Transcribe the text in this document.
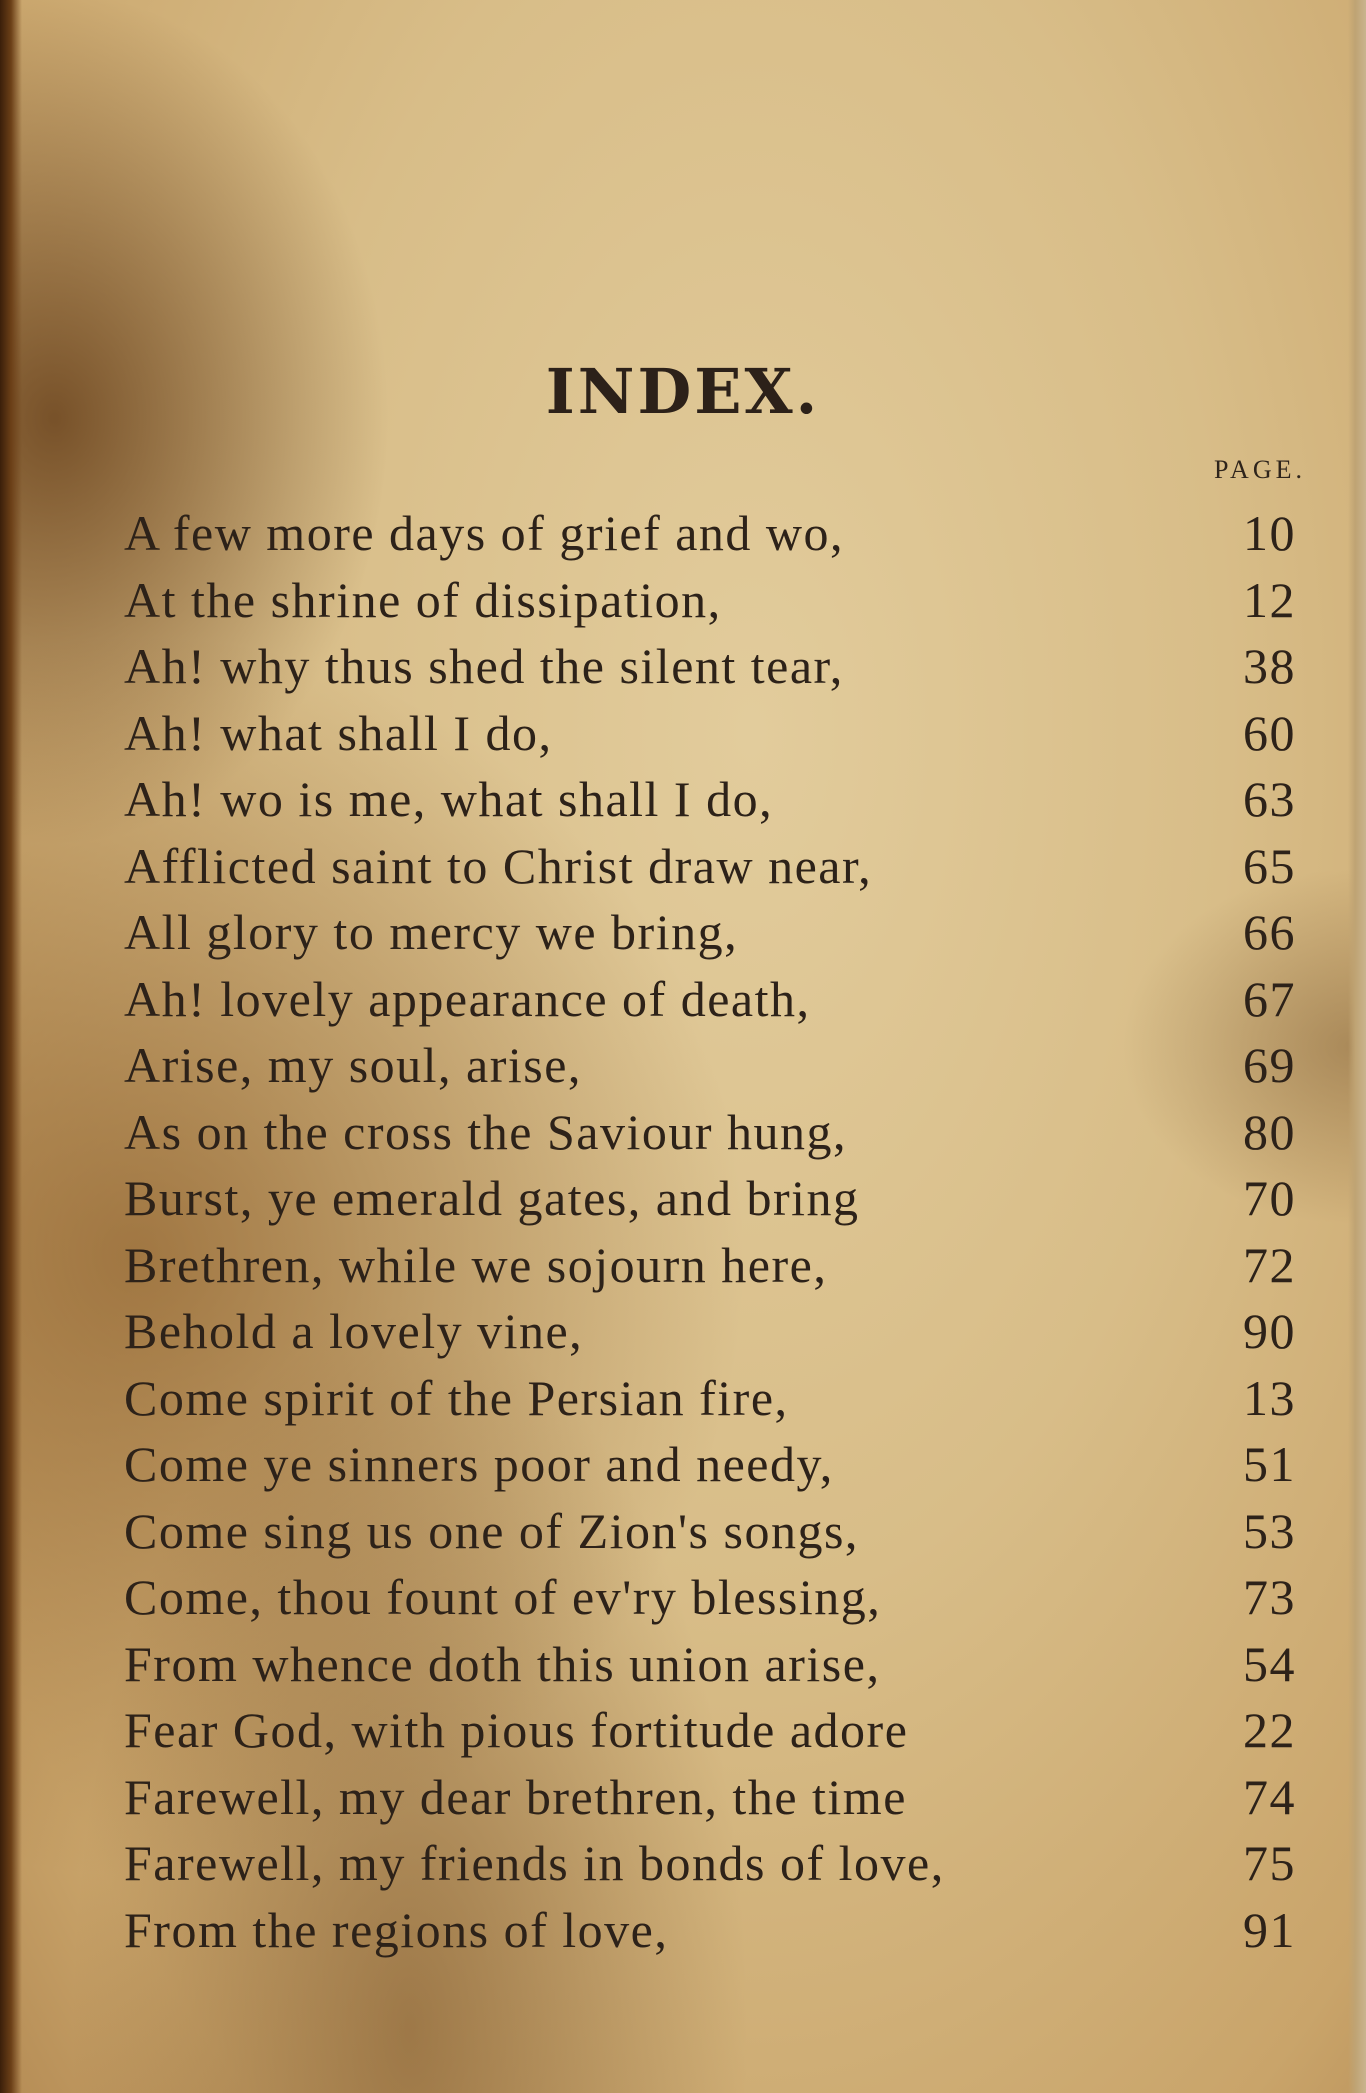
INDEX.
PAGE.
A few more days of grief and wo,	10
At the shrine of dissipation,	12
Ah! why thus shed the silent tear,	38
Ah! what shall I do,	60
Ah! wo is me, what shall I do,	63
Afflicted saint to Christ draw near,	65
All glory to mercy we bring,	66
Ah! lovely appearance of death,	67
Arise, my soul, arise,	69
As on the cross the Saviour hung,	80
Burst, ye emerald gates, and bring	70
Brethren, while we sojourn here,	72
Behold a lovely vine,	90
Come spirit of the Persian fire,	13
Come ye sinners poor and needy,	51
Come sing us one of Zion's songs,	53
Come, thou fount of ev'ry blessing,	73
From whence doth this union arise,	54
Fear God, with pious fortitude adore	22
Farewell, my dear brethren, the time	74
Farewell, my friends in bonds of love,	75
From the regions of love,	91
